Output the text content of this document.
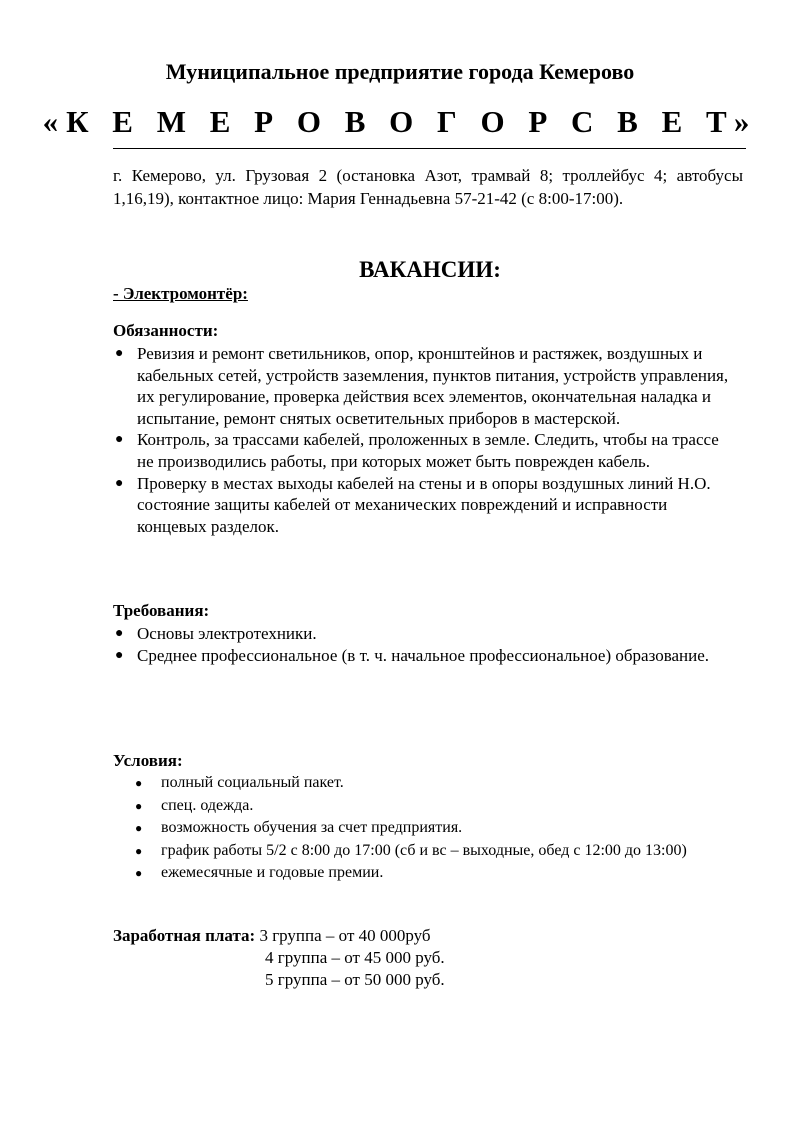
Муниципальное предприятие города Кемерово
«К Е М Е Р О В О Г О Р С В Е Т»
г. Кемерово, ул. Грузовая 2 (остановка Азот, трамвай 8; троллейбус 4; автобусы 1,16,19), контактное лицо: Мария Геннадьевна 57-21-42 (с 8:00-17:00).
ВАКАНСИИ:
- Электромонтёр:
Обязанности:
● Ревизия и ремонт светильников, опор, кронштейнов и растяжек, воздушных и кабельных сетей, устройств заземления, пунктов питания, устройств управления, их регулирование, проверка действия всех элементов, окончательная наладка и испытание, ремонт снятых осветительных приборов в мастерской.
● Контроль, за трассами кабелей, проложенных в земле. Следить, чтобы на трассе не производились работы, при которых может быть поврежден кабель.
● Проверку в местах выходы кабелей на стены и в опоры воздушных линий Н.О. состояние защиты кабелей от механических повреждений и исправности концевых разделок.
Требования:
● Основы электротехники.
● Среднее профессиональное (в т. ч. начальное профессиональное) образование.
Условия:
● полный социальный пакет.
● спец. одежда.
● возможность обучения за счет предприятия.
● график работы 5/2 с 8:00 до 17:00 (сб и вс – выходные, обед с 12:00 до 13:00)
● ежемесячные и годовые премии.
Заработная плата: 3 группа – от 40 000руб
4 группа – от 45 000 руб.
5 группа – от 50 000 руб.
